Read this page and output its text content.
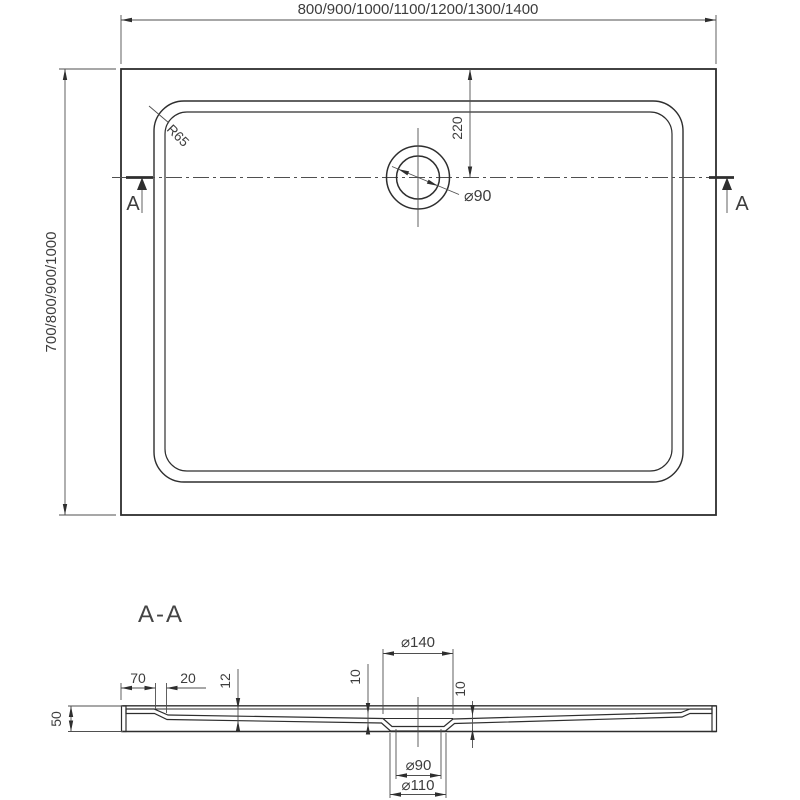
800/900/1000/1100/1200/1300/1400
700/800/900/1000
220
⌀90
R65
A	A
A-A
50
70 20 12	10
10
⌀140
⌀90
⌀110
